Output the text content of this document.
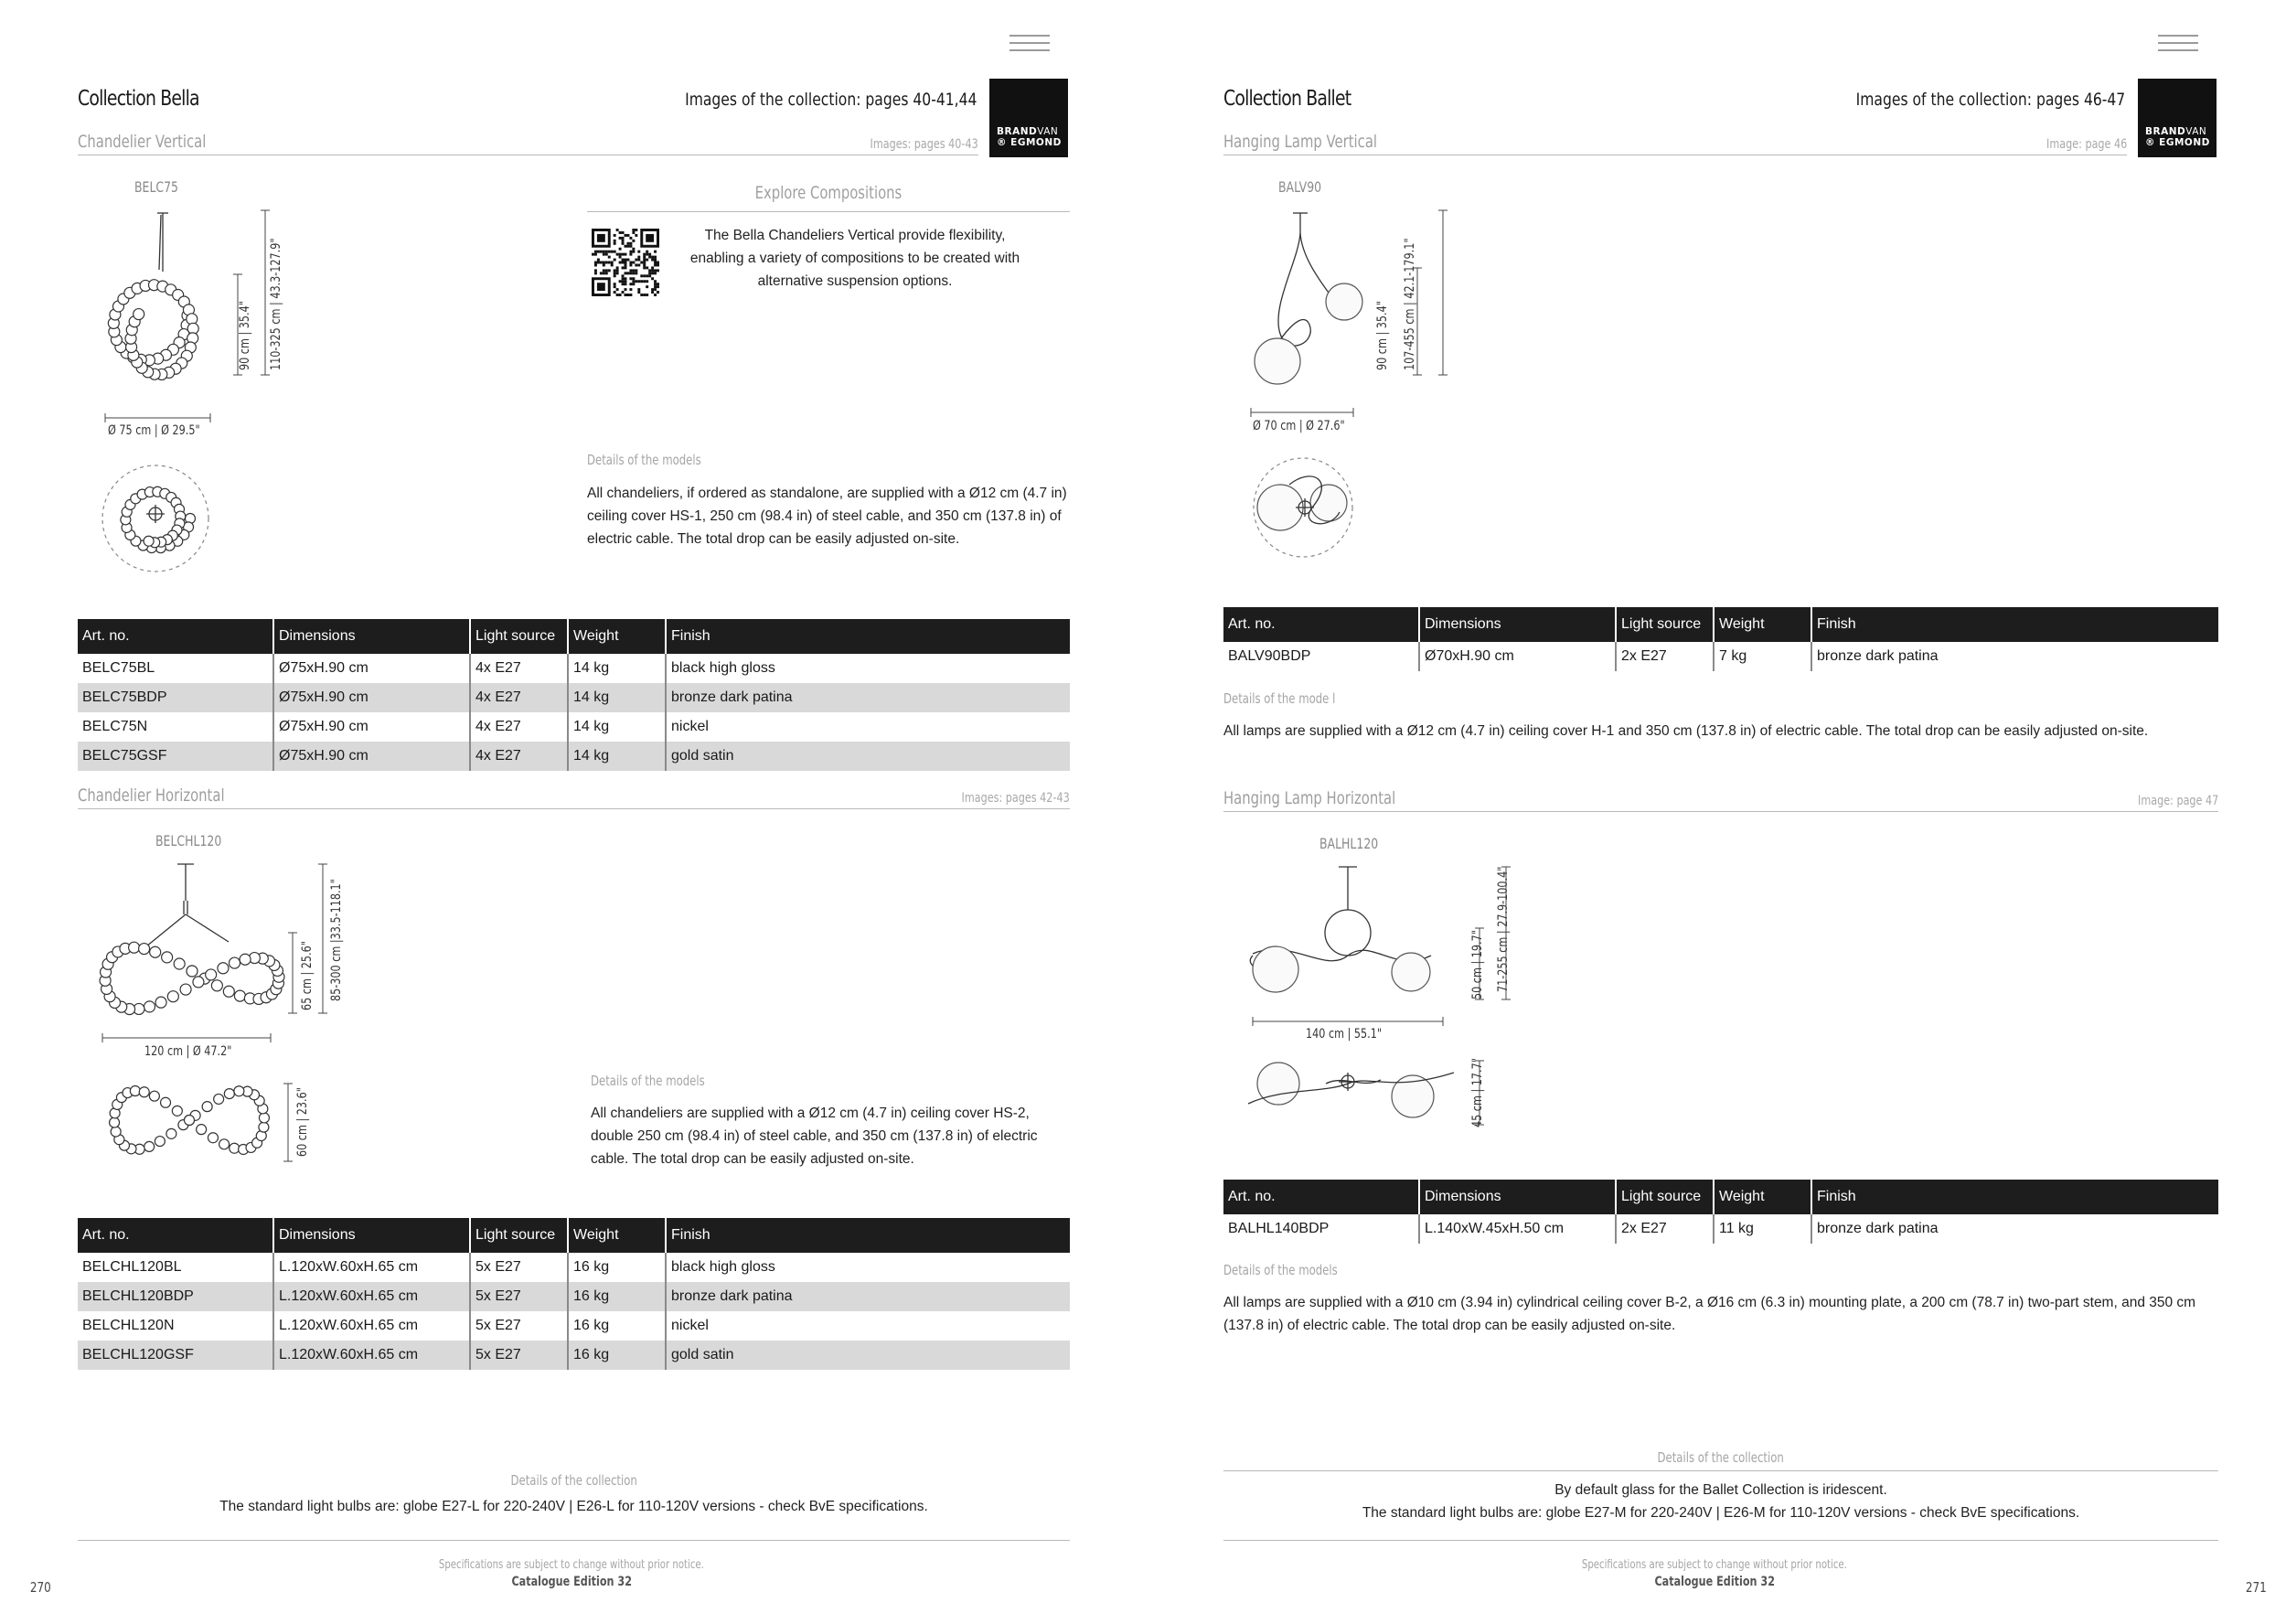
BRANDVAN
® EGMOND
Collection Bella	Images of the collection: pages 40-41,44
Chandelier Vertical	Images: pages 40-43
BELC75
90 cm | 35.4" 110-325 cm | 43.3-127.9"
Ø 75 cm | Ø 29.5"
Explore Compositions
The Bella Chandeliers Vertical provide flexibility, enabling a variety of compositions to be created with alternative suspension options.
Details of the models
All chandeliers, if ordered as standalone, are supplied with a Ø12 cm (4.7 in) ceiling cover HS-1, 250 cm (98.4 in) of steel cable, and 350 cm (137.8 in) of electric cable. The total drop can be easily adjusted on-site.
Art. no.	Dimensions	Light source	Weight	Finish
BELC75BL	Ø75xH.90 cm	4x E27	14 kg	black high gloss
BELC75BDP	Ø75xH.90 cm	4x E27	14 kg	bronze dark patina
BELC75N	Ø75xH.90 cm	4x E27	14 kg	nickel
BELC75GSF	Ø75xH.90 cm	4x E27	14 kg	gold satin
Chandelier Horizontal	Images: pages 42-43
BELCHL120
65 cm | 25.6" 85-300 cm |33.5-118.1"
120 cm | Ø 47.2"
60 cm | 23.6"
Details of the models
All chandeliers are supplied with a Ø12 cm (4.7 in) ceiling cover HS-2, double 250 cm (98.4 in) of steel cable, and 350 cm (137.8 in) of electric cable. The total drop can be easily adjusted on-site.
Art. no.	Dimensions	Light source	Weight	Finish
BELCHL120BL	L.120xW.60xH.65 cm	5x E27	16 kg	black high gloss
BELCHL120BDP	L.120xW.60xH.65 cm	5x E27	16 kg	bronze dark patina
BELCHL120N	L.120xW.60xH.65 cm	5x E27	16 kg	nickel
BELCHL120GSF	L.120xW.60xH.65 cm	5x E27	16 kg	gold satin
Details of the collection
The standard light bulbs are: globe E27-L for 220-240V | E26-L for 110-120V versions - check BvE specifications.
Specifications are subject to change without prior notice.
Catalogue Edition 32
270
BRANDVAN
® EGMOND
Collection Ballet	Images of the collection: pages 46-47
Hanging Lamp Vertical	Image: page 46
BALV90
90 cm | 35.4" 107-455 cm | 42.1-179.1"
Ø 70 cm | Ø 27.6"
Art. no.	Dimensions	Light source	Weight	Finish
BALV90BDP	Ø70xH.90 cm	2x E27	7 kg	bronze dark patina
Details of the mode l
All lamps are supplied with a Ø12 cm (4.7 in) ceiling cover H-1 and 350 cm (137.8 in) of electric cable. The total drop can be easily adjusted on-site.
Hanging Lamp Horizontal	Image: page 47
BALHL120
50 cm | 19.7" 71-255 cm | 27.9-100.4"
140 cm | 55.1"
45 cm | 17.7"
Art. no.	Dimensions	Light source	Weight	Finish
BALHL140BDP	L.140xW.45xH.50 cm	2x E27	11 kg	bronze dark patina
Details of the models
All lamps are supplied with a Ø10 cm (3.94 in) cylindrical ceiling cover B-2, a Ø16 cm (6.3 in) mounting plate, a 200 cm (78.7 in) two-part stem, and 350 cm (137.8 in) of electric cable. The total drop can be easily adjusted on-site.
Details of the collection
By default glass for the Ballet Collection is iridescent.
The standard light bulbs are: globe E27-M for 220-240V | E26-M for 110-120V versions - check BvE specifications.
Specifications are subject to change without prior notice.
Catalogue Edition 32	271
